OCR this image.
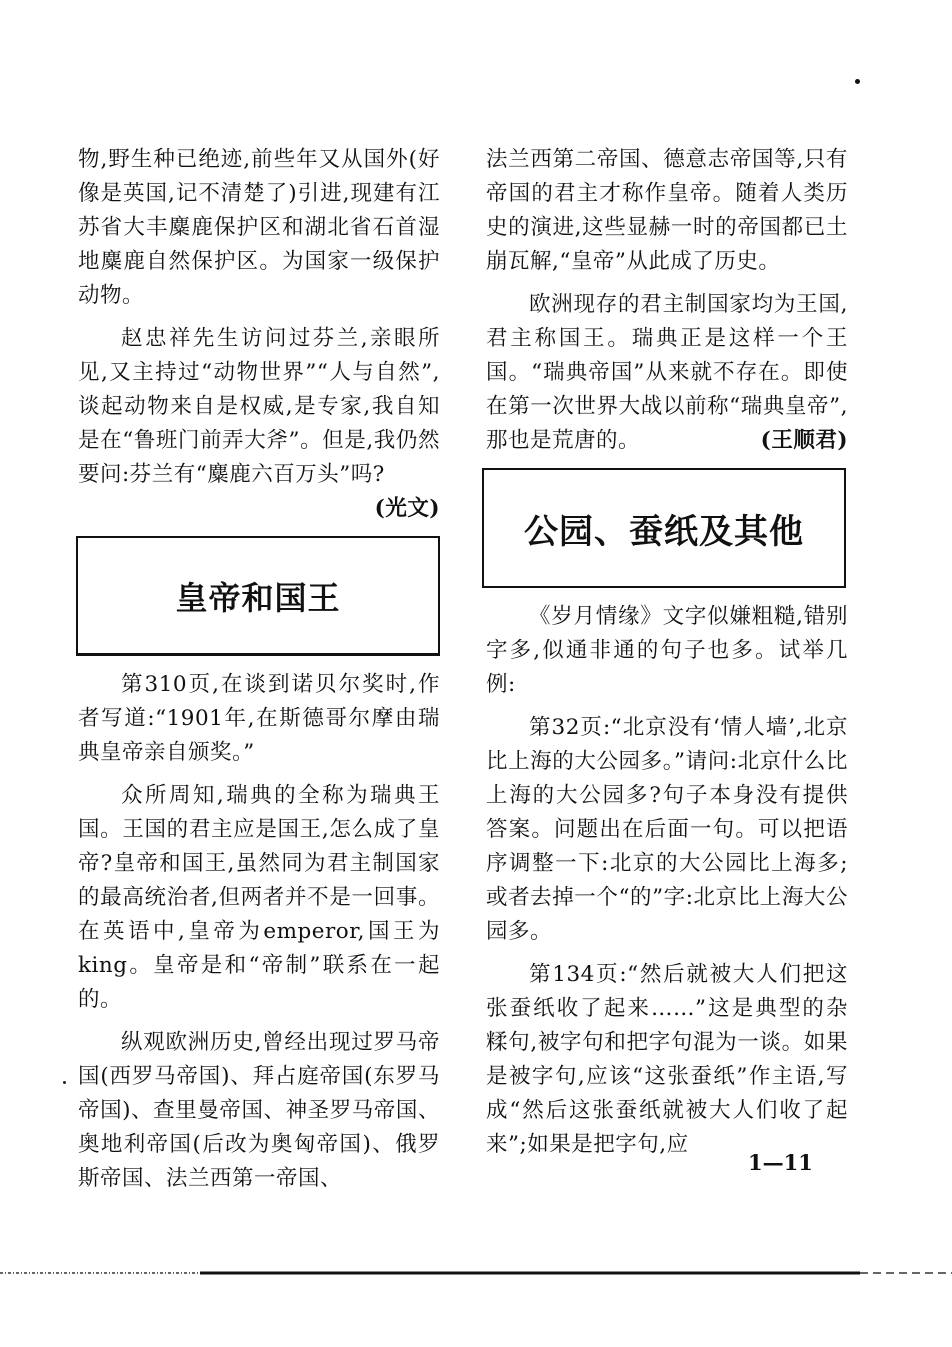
物,野生种已绝迹,前些年又从国外(好像是英国,记不清楚了)引进,现建有江苏省大丰麋鹿保护区和湖北省石首湿地麋鹿自然保护区。为国家一级保护动物。

赵忠祥先生访问过芬兰,亲眼所见,又主持过“动物世界”“人与自然”,谈起动物来自是权威,是专家,我自知是在“鲁班门前弄大斧”。但是,我仍然要问:芬兰有“麋鹿六百万头”吗?
(光文)
皇帝和国王

第310页,在谈到诺贝尔奖时,作者写道:“1901年,在斯德哥尔摩由瑞典皇帝亲自颁奖。”

众所周知,瑞典的全称为瑞典王国。王国的君主应是国王,怎么成了皇帝?皇帝和国王,虽然同为君主制国家的最高统治者,但两者并不是一回事。在英语中,皇帝为emperor,国王为king。皇帝是和“帝制”联系在一起的。

纵观欧洲历史,曾经出现过罗马帝国(西罗马帝国)、拜占庭帝国(东罗马帝国)、查里曼帝国、神圣罗马帝国、奥地利帝国(后改为奥匈帝国)、俄罗斯帝国、法兰西第一帝国、

法兰西第二帝国、德意志帝国等,只有帝国的君主才称作皇帝。随着人类历史的演进,这些显赫一时的帝国都已土崩瓦解,“皇帝”从此成了历史。

欧洲现存的君主制国家均为王国,君主称国王。瑞典正是这样一个王国。“瑞典帝国”从来就不存在。即使在第一次世界大战以前称“瑞典皇帝”,那也是荒唐的。	(王顺君)
公园、蚕纸及其他

《岁月情缘》文字似嫌粗糙,错别字多,似通非通的句子也多。试举几例:

第32页:“北京没有‘情人墙’,北京比上海的大公园多。”请问:北京什么比上海的大公园多?句子本身没有提供答案。问题出在后面一句。可以把语序调整一下:北京的大公园比上海多;或者去掉一个“的”字:北京比上海大公园多。

第134页:“然后就被大人们把这张蚕纸收了起来……”这是典型的杂糅句,被字句和把字句混为一谈。如果是被字句,应该“这张蚕纸”作主语,写成“然后这张蚕纸就被大人们收了起来”;如果是把字句,应

1—11
